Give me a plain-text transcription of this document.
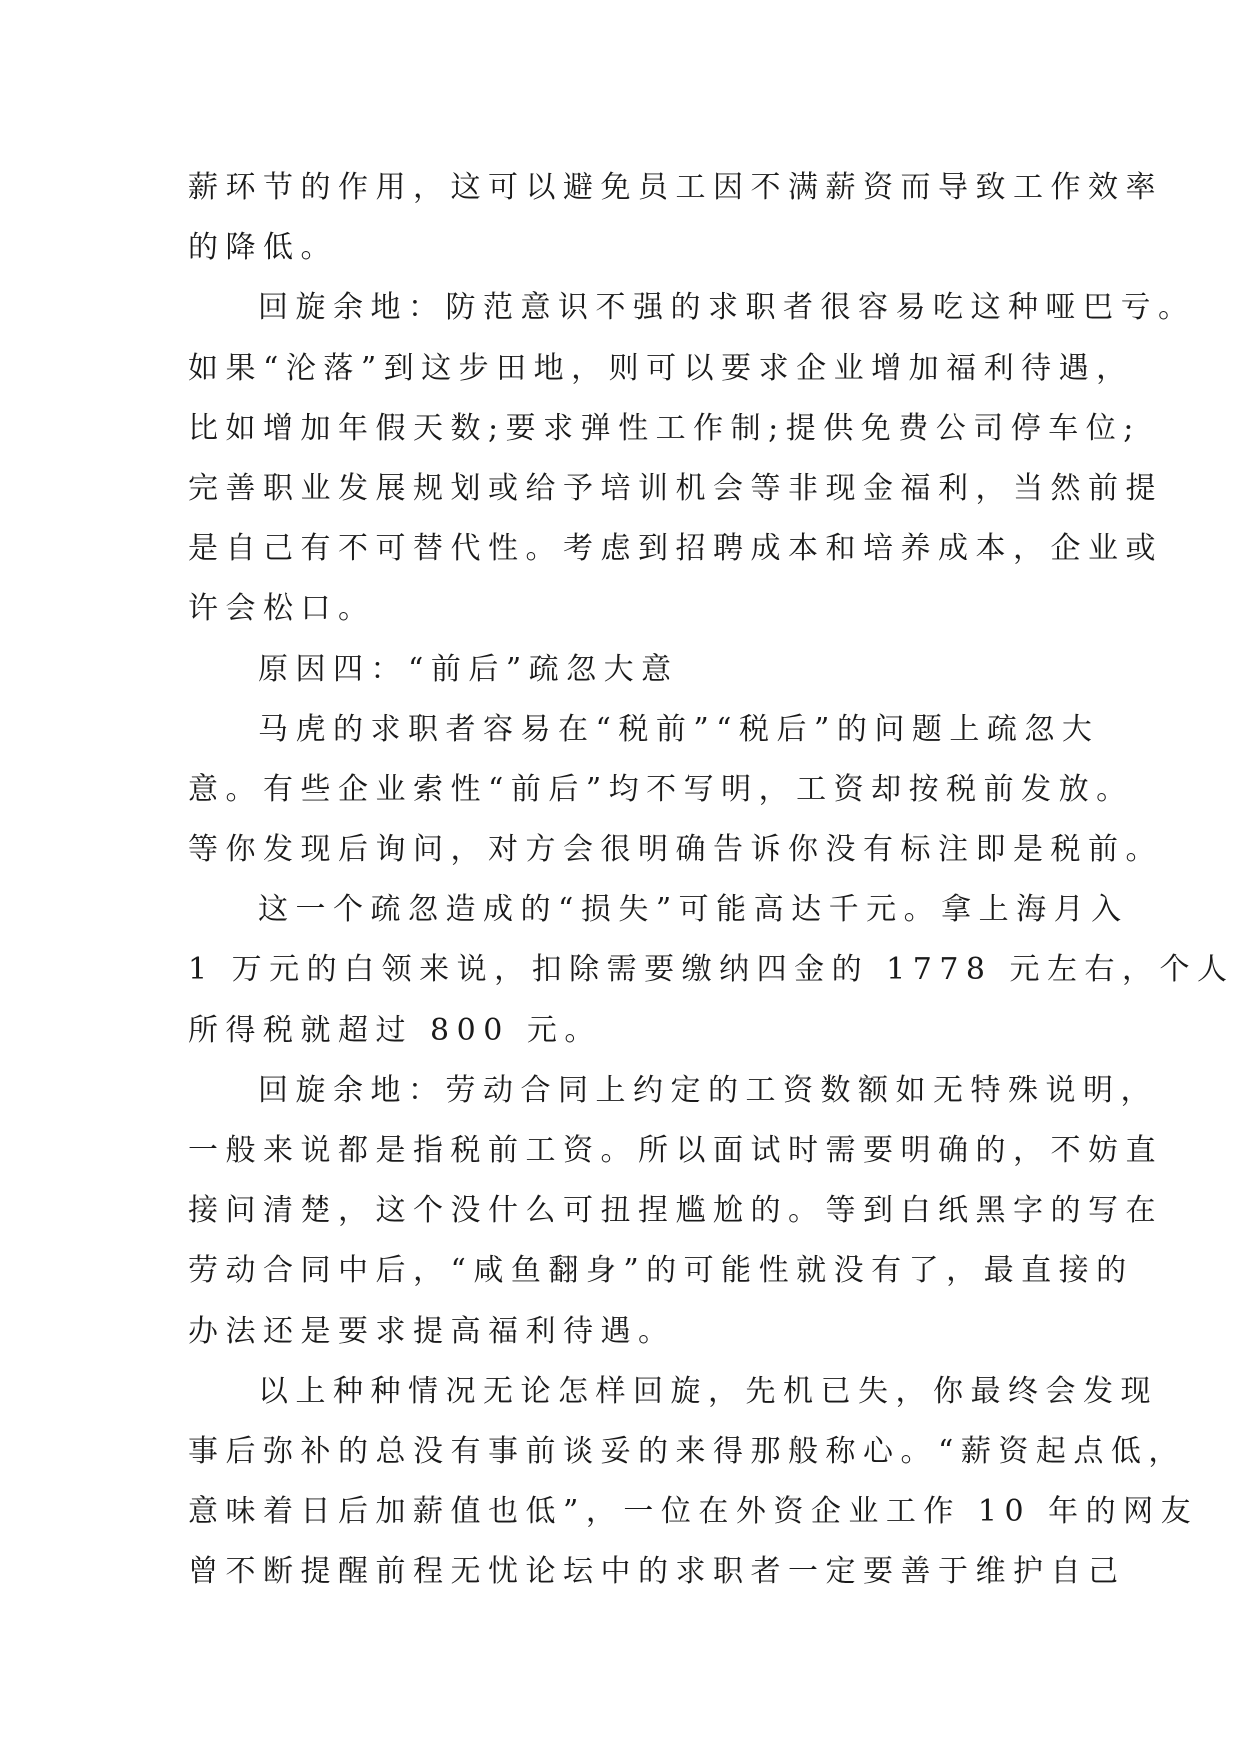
薪环节的作用，这可以避免员工因不满薪资而导致工作效率
的降低。
回旋余地：防范意识不强的求职者很容易吃这种哑巴亏。
如果“沦落”到这步田地，则可以要求企业增加福利待遇，
比如增加年假天数;要求弹性工作制;提供免费公司停车位;
完善职业发展规划或给予培训机会等非现金福利，当然前提
是自己有不可替代性。考虑到招聘成本和培养成本，企业或
许会松口。
原因四：“前后”疏忽大意
马虎的求职者容易在“税前”“税后”的问题上疏忽大
意。有些企业索性“前后”均不写明，工资却按税前发放。
等你发现后询问，对方会很明确告诉你没有标注即是税前。
这一个疏忽造成的“损失”可能高达千元。拿上海月入
1 万元的白领来说，扣除需要缴纳四金的 1778 元左右，个人
所得税就超过 800 元。
回旋余地：劳动合同上约定的工资数额如无特殊说明，
一般来说都是指税前工资。所以面试时需要明确的，不妨直
接问清楚，这个没什么可扭捏尴尬的。等到白纸黑字的写在
劳动合同中后，“咸鱼翻身”的可能性就没有了，最直接的
办法还是要求提高福利待遇。
以上种种情况无论怎样回旋，先机已失，你最终会发现
事后弥补的总没有事前谈妥的来得那般称心。“薪资起点低，
意味着日后加薪值也低”，一位在外资企业工作 10 年的网友
曾不断提醒前程无忧论坛中的求职者一定要善于维护自己
